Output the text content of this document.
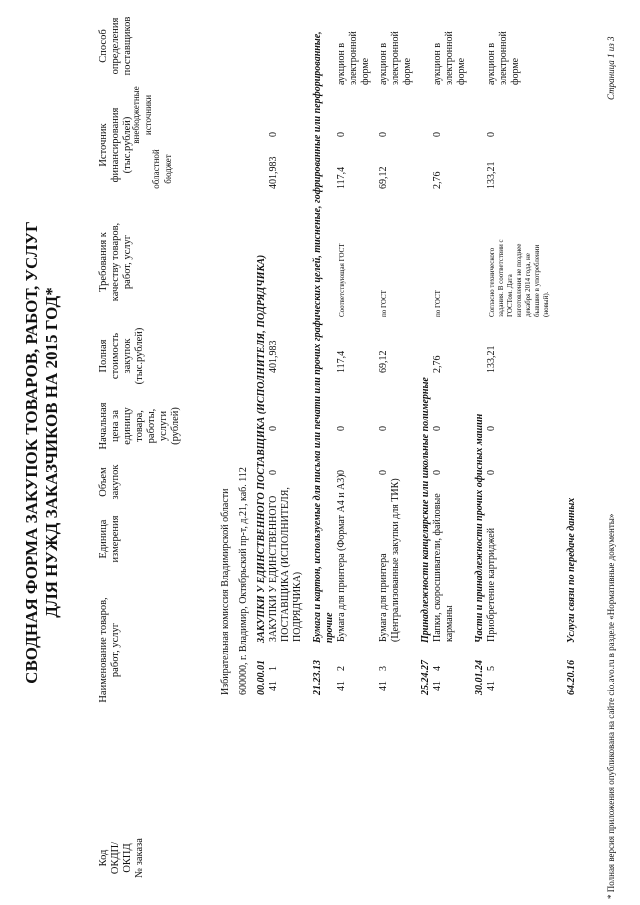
СВОДНАЯ ФОРМА ЗАКУПОК ТОВАРОВ, РАБОТ, УСЛУГ ДЛЯ НУЖД ЗАКАЗЧИКОВ НА 2015 ГОД*
Код ОКДП/ ОКПД № заказа
Наименование товаров, работ, услуг
Единица измерения
Объем закупок
Начальная цена за единицу товара, работы, услуги (рублей)
Полная стоимость закупок (тыс.рублей)
Требования к качеству товаров, работ, услуг
Источник финансирования (тыс.рублей) областной бюджет
внебюджетные источники
Способ определения поставщиков
Избирательная комиссия Владимирской области 600000, г. Владимир, Октябрьский пр-т, д.21, каб. 112 00.00.01
ЗАКУПКИ У ЕДИНСТВЕННОГО ПОСТАВЩИКА (ИСПОЛНИТЕЛЯ, ПОДРЯДЧИКА)
41
1
ЗАКУПКИ У ЕДИНСТВЕННОГО ПОСТАВЩИКА (ИСПОЛНИТЕЛЯ, ПОДРЯДЧИКА)
0
0
401,983
401,983
0
21.23.13
Бумага и картон, используемые для письма или печати или прочих графических целей, тисненые, гофрированные или перфорированные, прочие
41
2
Бумага для принтера (Формат А4 и А3)
0
0
117,4
Соответствующая ГОСТ
117,4
0
аукцион в электронной форме
41
3
Бумага для принтера (Централизованные закупки для ТИК)
0
0
69,12
по ГОСТ
69,12
0
аукцион в электронной форме
25.24.27
Принадлежности канцелярские или школьные полимерные
41
4
Папки, скоросшиватели, файловые карманы
0
0
2,76
по ГОСТ
2,76
0
аукцион в электронной форме
30.01.24
Части и принадлежности прочих офисных машин
41
5
Приобретение картриджей
0
0
133,21
Согласно технического задания. В соответствии с ГОСТом. Дата изготовления не позднее декабря 2014 года, не бывшие в употреблении (новый).
133,21
0
аукцион в электронной форме
64.20.16
Услуги связи по передаче данных	* Полная версия приложения опубликована на сайте cio.avo.ru в разделе «Нормативные документы»
Страница 1 из 3
